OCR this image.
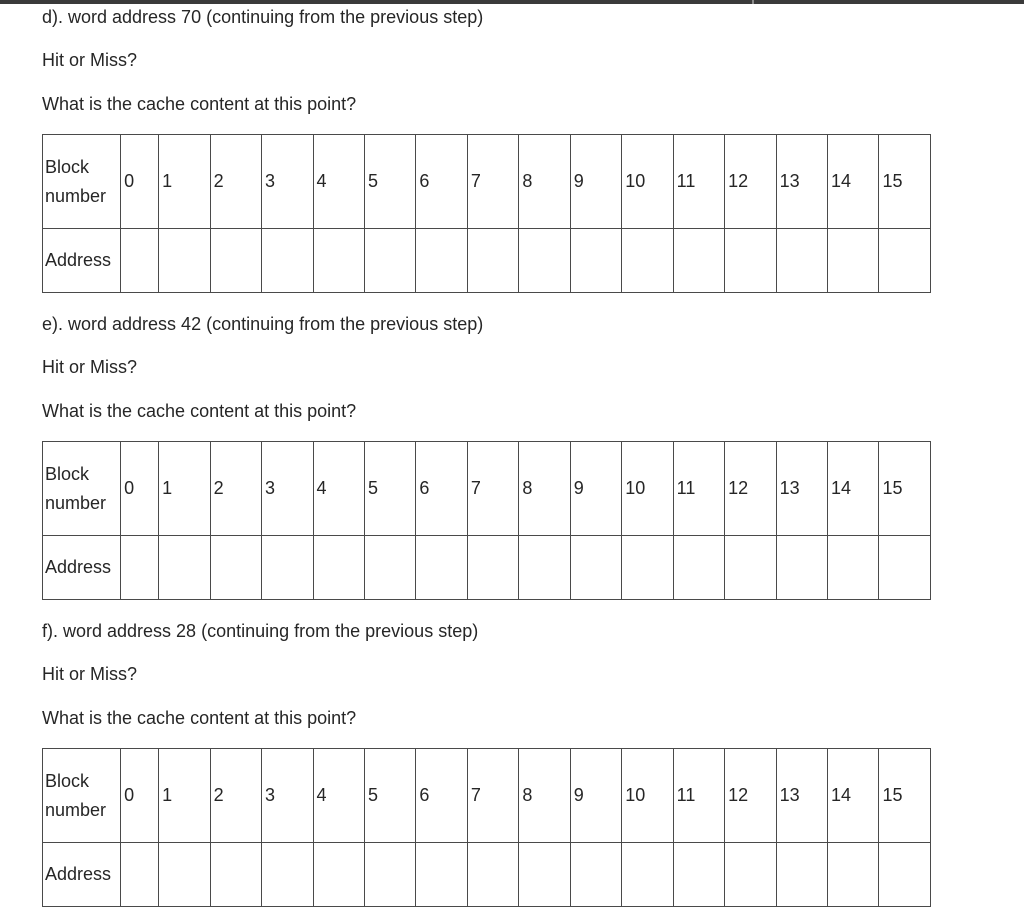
d). word address 70 (continuing from the previous step)
Hit or Miss?
What is the cache content at this point?
Block number	0	1	2	3	4	5	6	7	8	9	10	11	12	13	14	15
Address																
e). word address 42 (continuing from the previous step)
Hit or Miss?
What is the cache content at this point?
Block number	0	1	2	3	4	5	6	7	8	9	10	11	12	13	14	15
Address																
f). word address 28 (continuing from the previous step)
Hit or Miss?
What is the cache content at this point?
Block number	0	1	2	3	4	5	6	7	8	9	10	11	12	13	14	15
Address																
